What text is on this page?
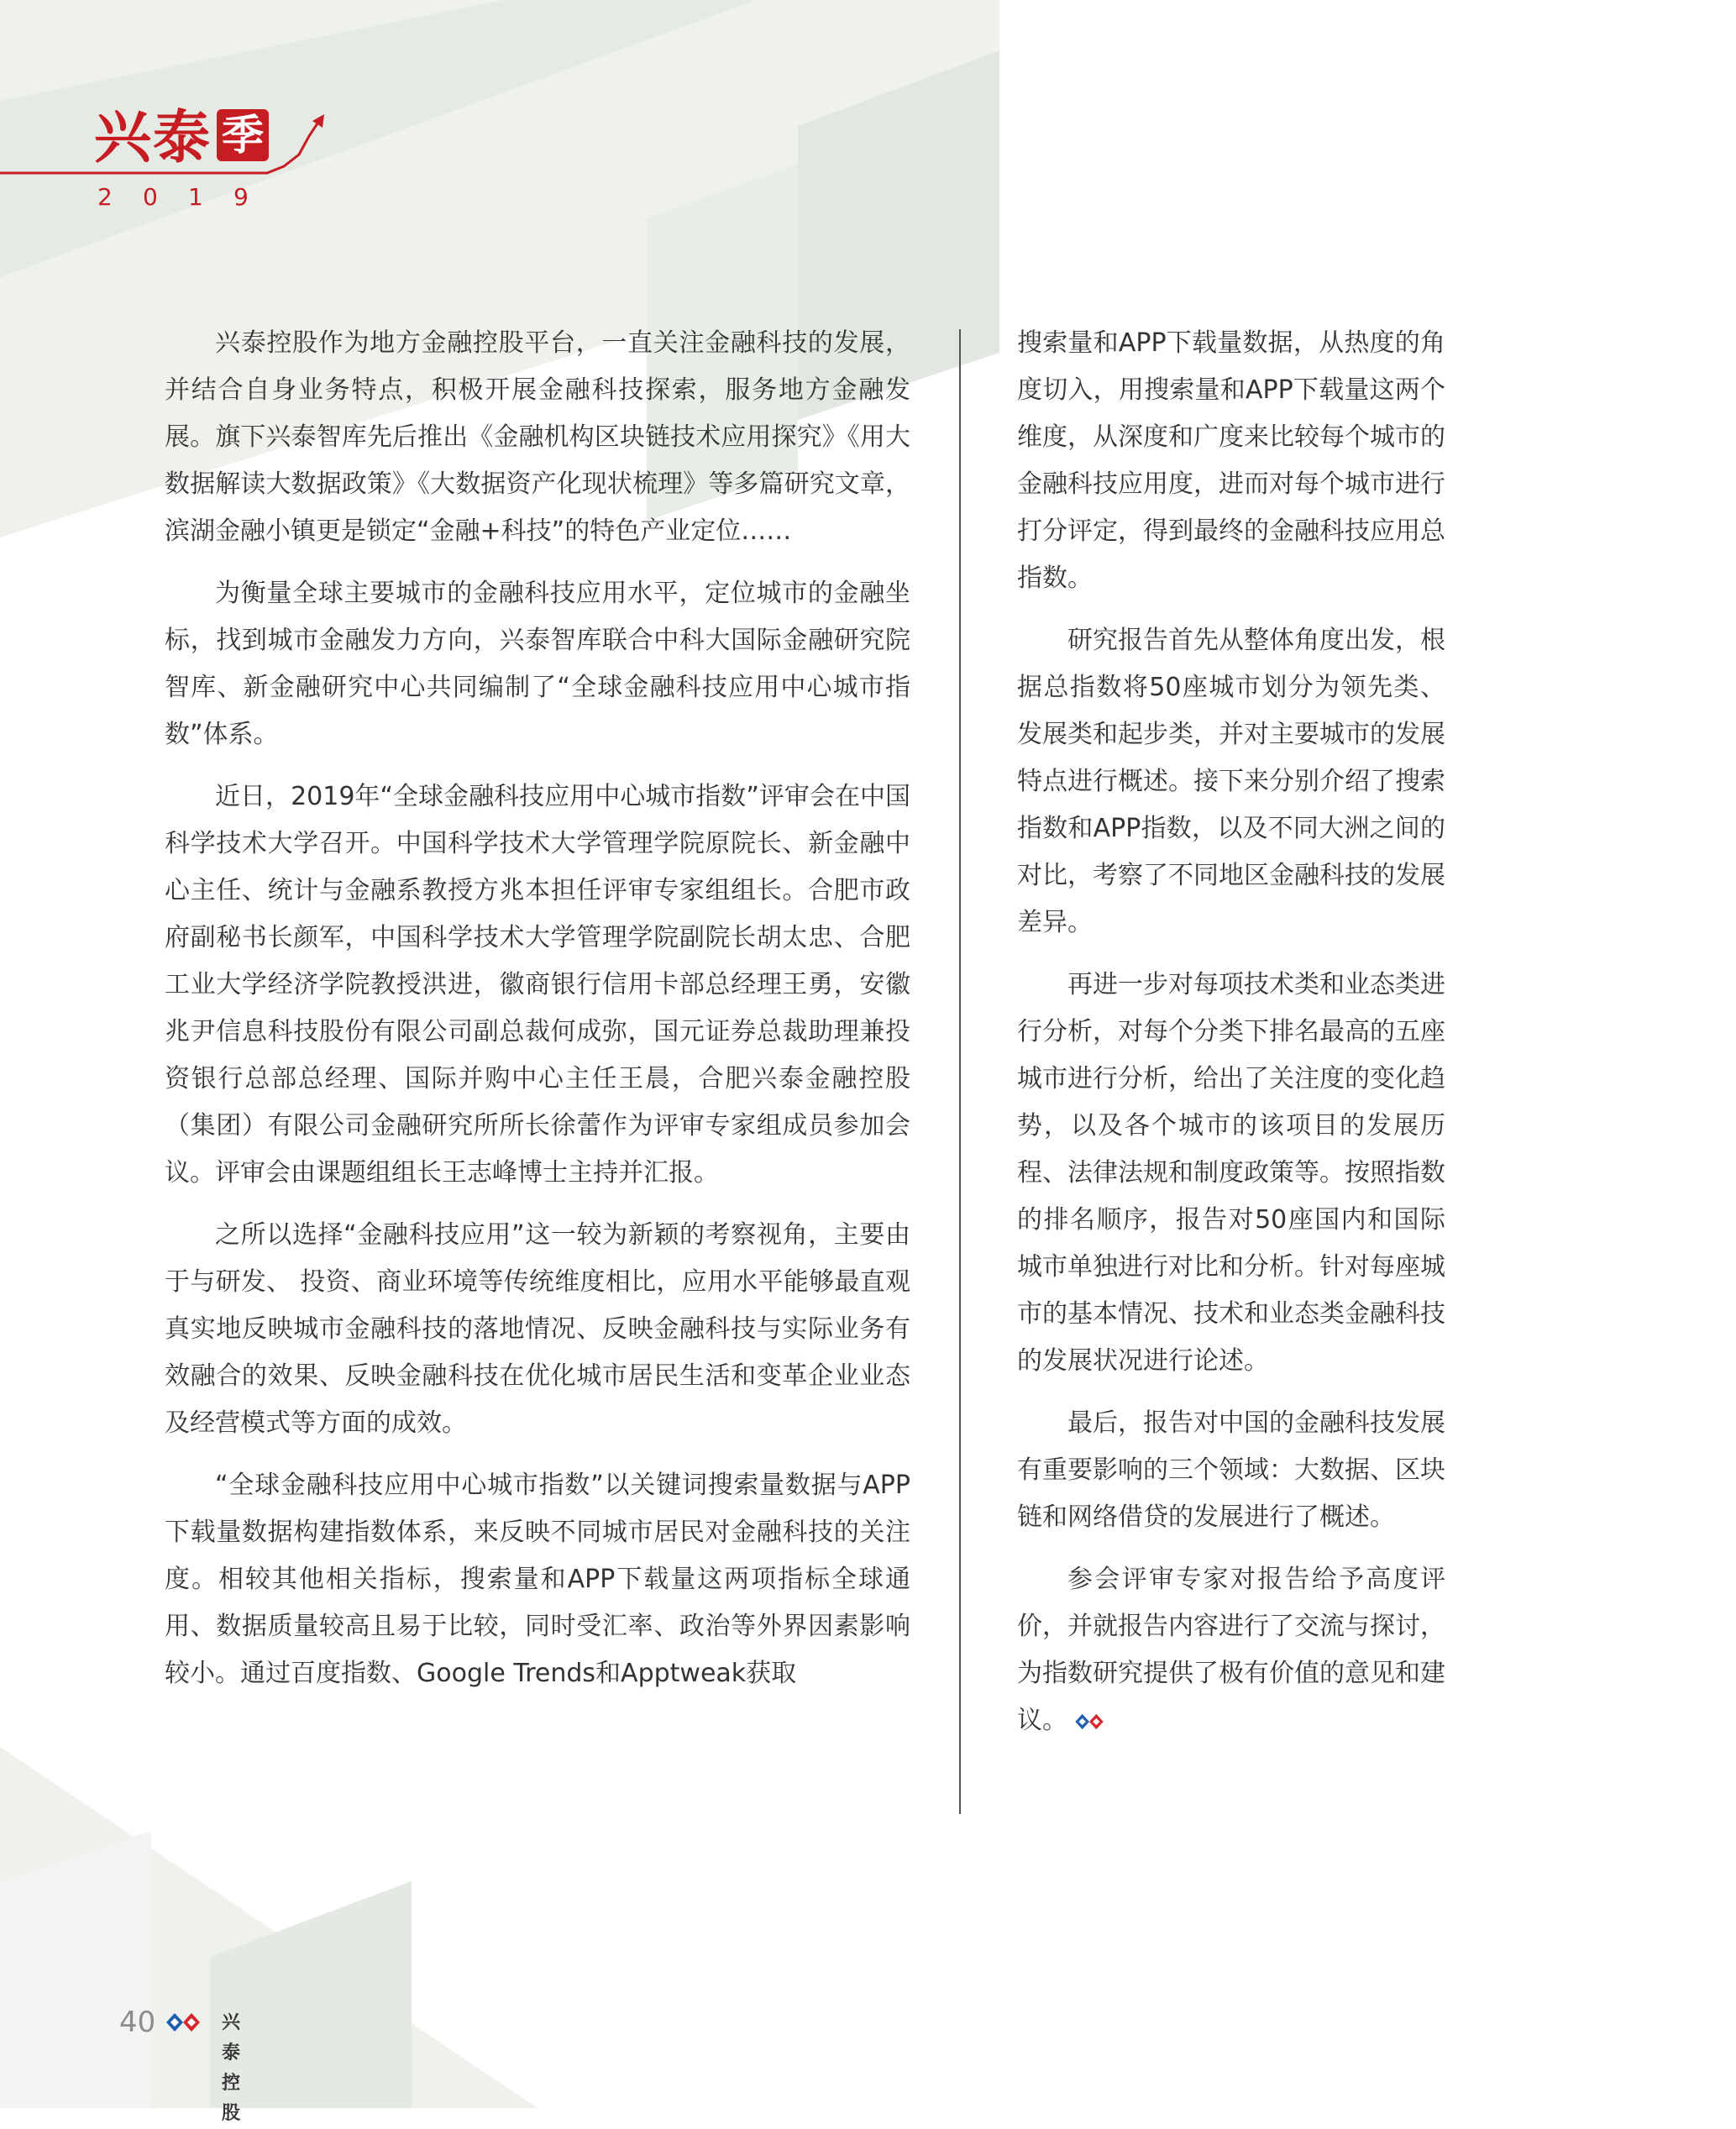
兴泰 季
2 0 1 9

兴泰控股作为地方金融控股平台，一直关注金融科技的发展，并结合自身业务特点，积极开展金融科技探索，服务地方金融发展。旗下兴泰智库先后推出《金融机构区块链技术应用探究》《用大数据解读大数据政策》《大数据资产化现状梳理》等多篇研究文章，滨湖金融小镇更是锁定“金融+科技”的特色产业定位……

为衡量全球主要城市的金融科技应用水平，定位城市的金融坐标，找到城市金融发力方向，兴泰智库联合中科大国际金融研究院智库、新金融研究中心共同编制了“全球金融科技应用中心城市指数”体系。

近日，2019年“全球金融科技应用中心城市指数”评审会在中国科学技术大学召开。中国科学技术大学管理学院原院长、新金融中心主任、统计与金融系教授方兆本担任评审专家组组长。合肥市政府副秘书长颜军，中国科学技术大学管理学院副院长胡太忠、合肥工业大学经济学院教授洪进，徽商银行信用卡部总经理王勇，安徽兆尹信息科技股份有限公司副总裁何成弥，国元证券总裁助理兼投资银行总部总经理、国际并购中心主任王晨，合肥兴泰金融控股（集团）有限公司金融研究所所长徐蕾作为评审专家组成员参加会议。评审会由课题组组长王志峰博士主持并汇报。

之所以选择“金融科技应用”这一较为新颖的考察视角，主要由于与研发、 投资、商业环境等传统维度相比，应用水平能够最直观真实地反映城市金融科技的落地情况、反映金融科技与实际业务有效融合的效果、反映金融科技在优化城市居民生活和变革企业业态及经营模式等方面的成效。

“全球金融科技应用中心城市指数”以关键词搜索量数据与APP下载量数据构建指数体系，来反映不同城市居民对金融科技的关注度。相较其他相关指标，搜索量和APP下载量这两项指标全球通用、数据质量较高且易于比较，同时受汇率、政治等外界因素影响较小。通过百度指数、Google Trends和Apptweak获取

搜索量和APP下载量数据，从热度的角度切入，用搜索量和APP下载量这两个维度，从深度和广度来比较每个城市的金融科技应用度，进而对每个城市进行打分评定，得到最终的金融科技应用总指数。

研究报告首先从整体角度出发，根据总指数将50座城市划分为领先类、发展类和起步类，并对主要城市的发展特点进行概述。接下来分别介绍了搜索指数和APP指数，以及不同大洲之间的对比，考察了不同地区金融科技的发展差异。

再进一步对每项技术类和业态类进行分析，对每个分类下排名最高的五座城市进行分析，给出了关注度的变化趋势，以及各个城市的该项目的发展历程、法律法规和制度政策等。按照指数的排名顺序，报告对50座国内和国际城市单独进行对比和分析。针对每座城市的基本情况、技术和业态类金融科技的发展状况进行论述。

最后，报告对中国的金融科技发展有重要影响的三个领域：大数据、区块链和网络借贷的发展进行了概述。

参会评审专家对报告给予高度评价，并就报告内容进行了交流与探讨，为指数研究提供了极有价值的意见和建议。

40	兴泰控股
